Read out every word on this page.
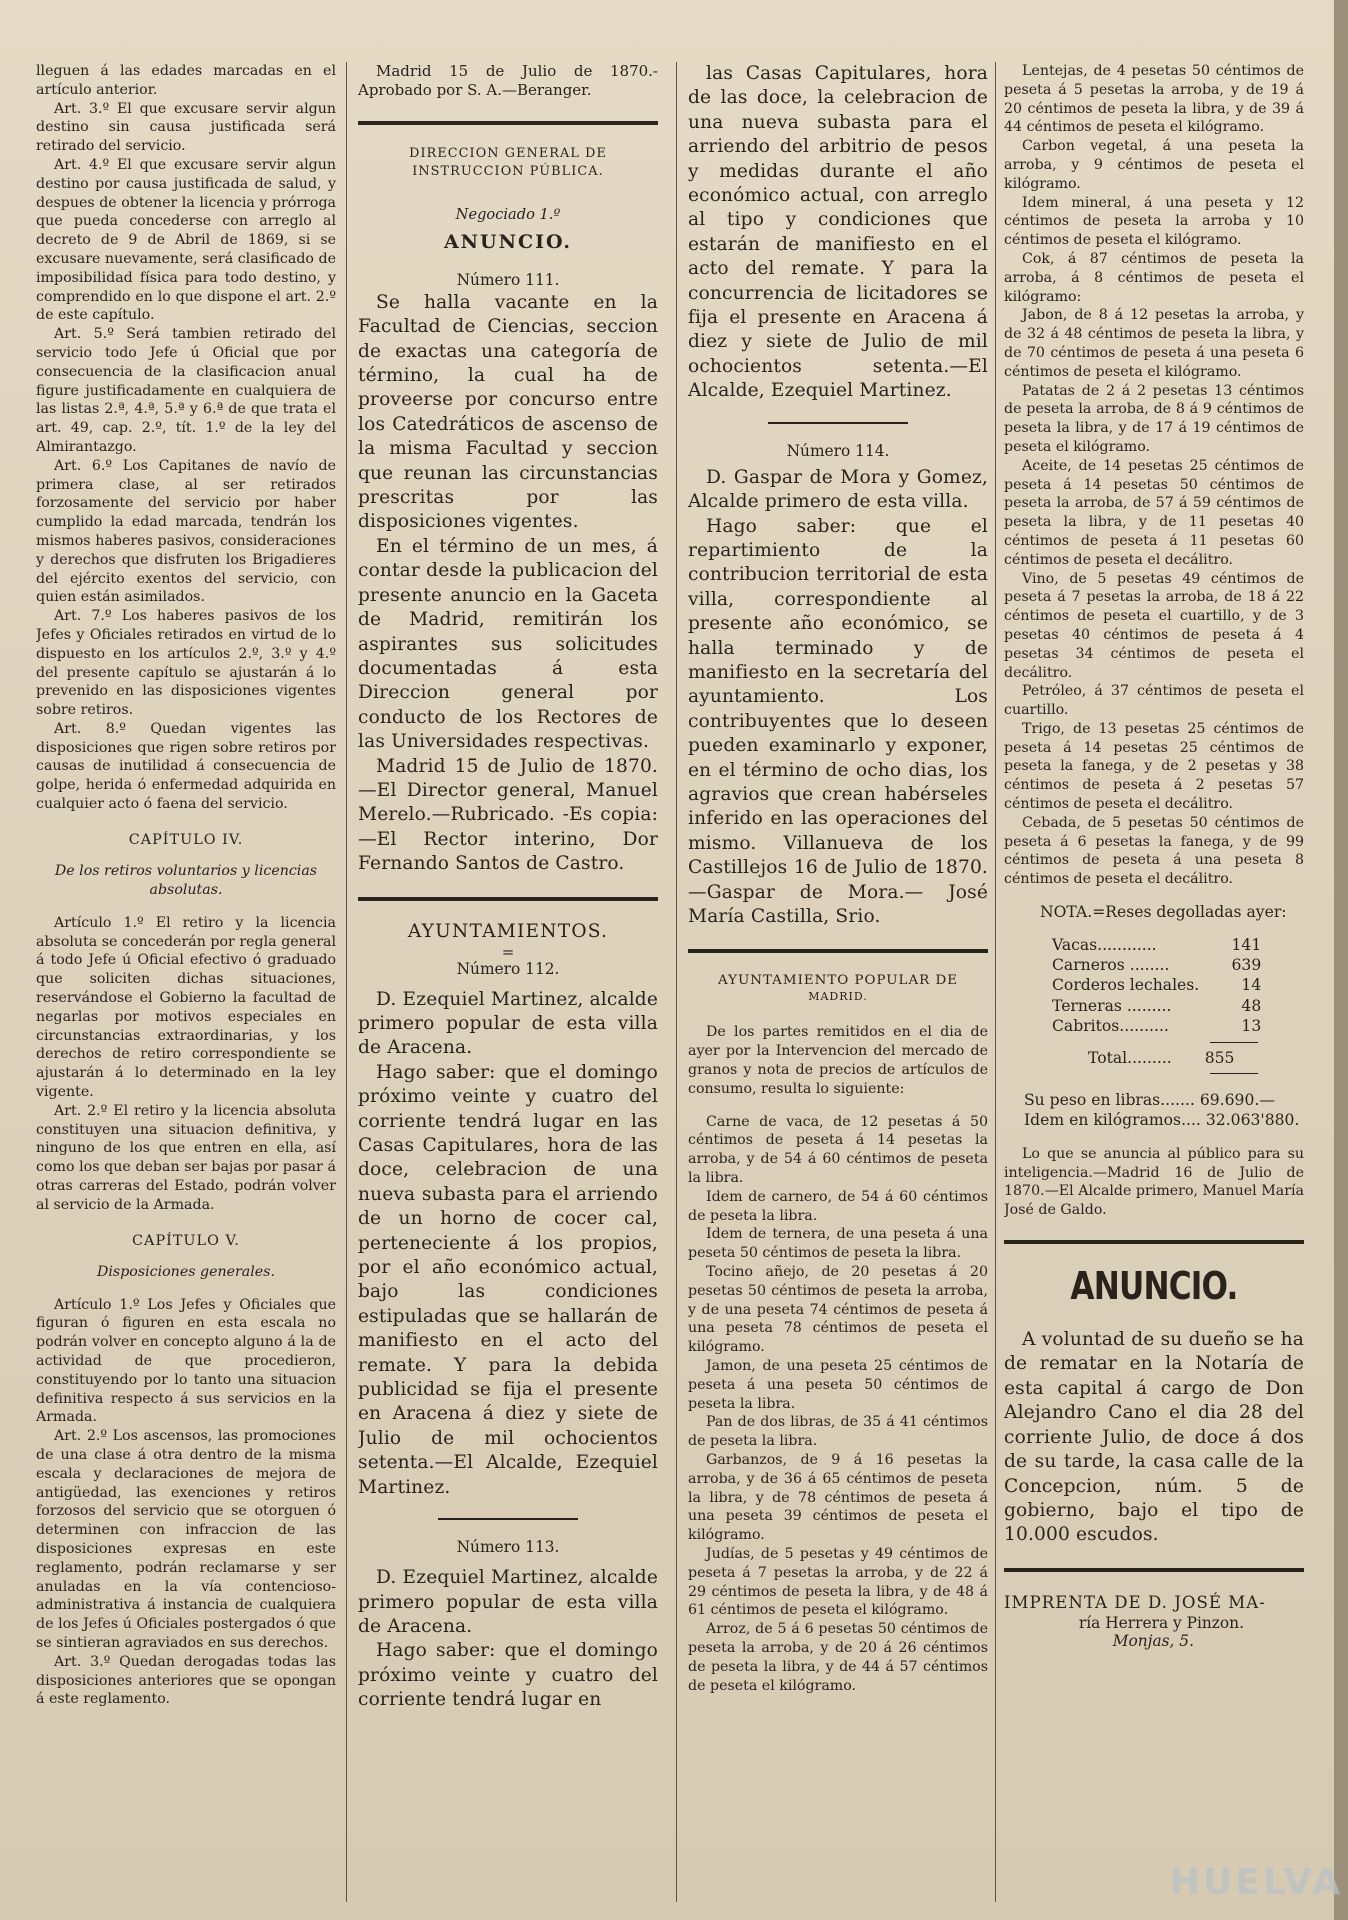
lleguen á las edades marcadas en el artículo anterior.

Art. 3.º El que excusare servir algun destino sin causa justificada será retirado del servicio.

Art. 4.º El que excusare servir algun destino por causa justificada de salud, y despues de obtener la licencia y prórroga que pueda concederse con arreglo al decreto de 9 de Abril de 1869, si se excusare nuevamente, será clasificado de imposibilidad física para todo destino, y comprendido en lo que dispone el art. 2.º de este capítulo.

Art. 5.º Será tambien retirado del servicio todo Jefe ú Oficial que por consecuencia de la clasificacion anual figure justificadamente en cualquiera de las listas 2.ª, 4.ª, 5.ª y 6.ª de que trata el art. 49, cap. 2.º, tít. 1.º de la ley del Almirantazgo.

Art. 6.º Los Capitanes de navío de primera clase, al ser retirados forzosamente del servicio por haber cumplido la edad marcada, tendrán los mismos haberes pasivos, consideraciones y derechos que disfruten los Brigadieres del ejército exentos del servicio, con quien están asimilados.

Art. 7.º Los haberes pasivos de los Jefes y Oficiales retirados en virtud de lo dispuesto en los artículos 2.º, 3.º y 4.º del presente capítulo se ajustarán á lo prevenido en las disposiciones vigentes sobre retiros.

Art. 8.º Quedan vigentes las disposiciones que rigen sobre retiros por causas de inutilidad á consecuencia de golpe, herida ó enfermedad adquirida en cualquier acto ó faena del servicio.

CAPÍTULO IV.

De los retiros voluntarios y licencias absolutas.

Artículo 1.º El retiro y la licencia absoluta se concederán por regla general á todo Jefe ú Oficial efectivo ó graduado que soliciten dichas situaciones, reservándose el Gobierno la facultad de negarlas por motivos especiales en circunstancias extraordinarias, y los derechos de retiro correspondiente se ajustarán á lo determinado en la ley vigente.

Art. 2.º El retiro y la licencia absoluta constituyen una situacion definitiva, y ninguno de los que entren en ella, así como los que deban ser bajas por pasar á otras carreras del Estado, podrán volver al servicio de la Armada.

CAPÍTULO V.

Disposiciones generales.

Artículo 1.º Los Jefes y Oficiales que figuran ó figuren en esta escala no podrán volver en concepto alguno á la de actividad de que procedieron, constituyendo por lo tanto una situacion definitiva respecto á sus servicios en la Armada.

Art. 2.º Los ascensos, las promociones de una clase á otra dentro de la misma escala y declaraciones de mejora de antigüedad, las exenciones y retiros forzosos del servicio que se otorguen ó determinen con infraccion de las disposiciones expresas en este reglamento, podrán reclamarse y ser anuladas en la vía contencioso-administrativa á instancia de cualquiera de los Jefes ú Oficiales postergados ó que se sintieran agraviados en sus derechos.

Art. 3.º Quedan derogadas todas las disposiciones anteriores que se opongan á este reglamento.

Madrid 15 de Julio de 1870.-Aprobado por S. A.—Beranger.

DIRECCION GENERAL DE INSTRUCCION PÚBLICA.

Negociado 1.º

ANUNCIO.

Número 111.

Se halla vacante en la Facultad de Ciencias, seccion de exactas una categoría de término, la cual ha de proveerse por concurso entre los Catedráticos de ascenso de la misma Facultad y seccion que reunan las circunstancias prescritas por las disposiciones vigentes.

En el término de un mes, á contar desde la publicacion del presente anuncio en la Gaceta de Madrid, remitirán los aspirantes sus solicitudes documentadas á esta Direccion general por conducto de los Rectores de las Universidades respectivas.

Madrid 15 de Julio de 1870.—El Director general, Manuel Merelo.—Rubricado. -Es copia:—El Rector interino, Dor Fernando Santos de Castro.

AYUNTAMIENTOS.

=

Número 112.

D. Ezequiel Martinez, alcalde primero popular de esta villa de Aracena.

Hago saber: que el domingo próximo veinte y cuatro del corriente tendrá lugar en las Casas Capitulares, hora de las doce, celebracion de una nueva subasta para el arriendo de un horno de cocer cal, perteneciente á los propios, por el año económico actual, bajo las condiciones estipuladas que se hallarán de manifiesto en el acto del remate. Y para la debida publicidad se fija el presente en Aracena á diez y siete de Julio de mil ochocientos setenta.—El Alcalde, Ezequiel Martinez.

Número 113.

D. Ezequiel Martinez, alcalde primero popular de esta villa de Aracena.

Hago saber: que el domingo próximo veinte y cuatro del corriente tendrá lugar en

las Casas Capitulares, hora de las doce, la celebracion de una nueva subasta para el arriendo del arbitrio de pesos y medidas durante el año económico actual, con arreglo al tipo y condiciones que estarán de manifiesto en el acto del remate. Y para la concurrencia de licitadores se fija el presente en Aracena á diez y siete de Julio de mil ochocientos setenta.—El Alcalde, Ezequiel Martinez.

Número 114.

D. Gaspar de Mora y Gomez, Alcalde primero de esta villa.

Hago saber: que el repartimiento de la contribucion territorial de esta villa, correspondiente al presente año económico, se halla terminado y de manifiesto en la secretaría del ayuntamiento. Los contribuyentes que lo deseen pueden examinarlo y exponer, en el término de ocho dias, los agravios que crean habérseles inferido en las operaciones del mismo. Villanueva de los Castillejos 16 de Julio de 1870.—Gaspar de Mora.— José María Castilla, Srio.

AYUNTAMIENTO POPULAR DE

MADRID.

De los partes remitidos en el dia de ayer por la Intervencion del mercado de granos y nota de precios de artículos de consumo, resulta lo siguiente:

Carne de vaca, de 12 pesetas á 50 céntimos de peseta á 14 pesetas la arroba, y de 54 á 60 céntimos de peseta la libra.

Idem de carnero, de 54 á 60 céntimos de peseta la libra.

Idem de ternera, de una peseta á una peseta 50 céntimos de peseta la libra.

Tocino añejo, de 20 pesetas á 20 pesetas 50 céntimos de peseta la arroba, y de una peseta 74 céntimos de peseta á una peseta 78 céntimos de peseta el kilógramo.

Jamon, de una peseta 25 céntimos de peseta á una peseta 50 céntimos de peseta la libra.

Pan de dos libras, de 35 á 41 céntimos de peseta la libra.

Garbanzos, de 9 á 16 pesetas la arroba, y de 36 á 65 céntimos de peseta la libra, y de 78 céntimos de peseta á una peseta 39 céntimos de peseta el kilógramo.

Judías, de 5 pesetas y 49 céntimos de peseta á 7 pesetas la arroba, y de 22 á 29 céntimos de peseta la libra, y de 48 á 61 céntimos de peseta el kilógramo.

Arroz, de 5 á 6 pesetas 50 céntimos de peseta la arroba, y de 20 á 26 céntimos de peseta la libra, y de 44 á 57 céntimos de peseta el kilógramo.

Lentejas, de 4 pesetas 50 céntimos de peseta á 5 pesetas la arroba, y de 19 á 20 céntimos de peseta la libra, y de 39 á 44 céntimos de peseta el kilógramo.

Carbon vegetal, á una peseta la arroba, y 9 céntimos de peseta el kilógramo.

Idem mineral, á una peseta y 12 céntimos de peseta la arroba y 10 céntimos de peseta el kilógramo.

Cok, á 87 céntimos de peseta la arroba, á 8 céntimos de peseta el kilógramo:

Jabon, de 8 á 12 pesetas la arroba, y de 32 á 48 céntimos de peseta la libra, y de 70 céntimos de peseta á una peseta 6 céntimos de peseta el kilógramo.

Patatas de 2 á 2 pesetas 13 céntimos de peseta la arroba, de 8 á 9 céntimos de peseta la libra, y de 17 á 19 céntimos de peseta el kilógramo.

Aceite, de 14 pesetas 25 céntimos de peseta á 14 pesetas 50 céntimos de peseta la arroba, de 57 á 59 céntimos de peseta la libra, y de 11 pesetas 40 céntimos de peseta á 11 pesetas 60 céntimos de peseta el decálitro.

Vino, de 5 pesetas 49 céntimos de peseta á 7 pesetas la arroba, de 18 á 22 céntimos de peseta el cuartillo, y de 3 pesetas 40 céntimos de peseta á 4 pesetas 34 céntimos de peseta el decálitro.

Petróleo, á 37 céntimos de peseta el cuartillo.

Trigo, de 13 pesetas 25 céntimos de peseta á 14 pesetas 25 céntimos de peseta la fanega, y de 2 pesetas y 38 céntimos de peseta á 2 pesetas 57 céntimos de peseta el decálitro.

Cebada, de 5 pesetas 50 céntimos de peseta á 6 pesetas la fanega, y de 99 céntimos de peseta á una peseta 8 céntimos de peseta el decálitro.

NOTA.=Reses degolladas ayer:

Vacas............	141
Carneros ........	639
Corderos lechales.	14
Terneras .........	48
Cabritos..........	13

Total......... 855

Su peso en libras....... 69.690.—

Idem en kilógramos.... 32.063'880.

Lo que se anuncia al público para su inteligencia.—Madrid 16 de Julio de 1870.—El Alcalde primero, Manuel María José de Galdo.

ANUNCIO.

A voluntad de su dueño se ha de rematar en la Notaría de esta capital á cargo de Don Alejandro Cano el dia 28 del corriente Julio, de doce á dos de su tarde, la casa calle de la Concepcion, núm. 5 de gobierno, bajo el tipo de 10.000 escudos.

IMPRENTA DE D. JOSÉ MA-

ría Herrera y Pinzon.

Monjas, 5.

HUELVA
